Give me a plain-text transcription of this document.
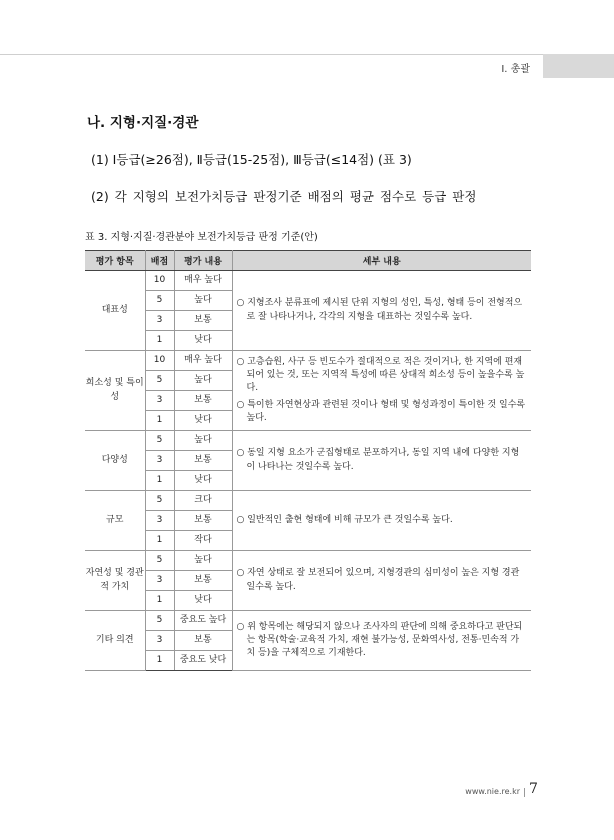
Ⅰ. 총괄
나. 지형·지질·경관
(1) Ⅰ등급(≥26점), Ⅱ등급(15-25점), Ⅲ등급(≤14점) (표 3)
(2) 각 지형의 보전가치등급 판정기준 배점의 평균 점수로 등급 판정
표 3. 지형·지질·경관분야 보전가치등급 판정 기준(안)
평가 항목	배점	평가 내용	세부 내용
대표성	10	매우 높다	○ 지형조사 분류표에 제시된 단위 지형의 성인, 특성, 형태 등이 전형적으로 잘 나타나거나, 각각의 지형을 대표하는 것일수록 높다.

	5	높다	
	3	보통	
	1	낮다	
희소성 및 특이성	10	매우 높다	○ 고층습원, 사구 등 빈도수가 절대적으로 적은 것이거나, 한 지역에 편재되어 있는 것, 또는 지역적 특성에 따른 상대적 희소성 등이 높을수록 높다.

○ 특이한 자연현상과 관련된 것이나 형태 및 형성과정이 특이한 것 일수록 높다.

	5	높다	
	3	보통	
	1	낮다	
다양성	5	높다	○ 동일 지형 요소가 군집형태로 분포하거나, 동일 지역 내에 다양한 지형이 나타나는 것일수록 높다.

	3	보통	
	1	낮다	
규모	5	크다	○ 일반적인 출현 형태에 비해 규모가 큰 것일수록 높다.

	3	보통	
	1	작다	
자연성 및 경관적 가치	5	높다	○ 자연 상태로 잘 보전되어 있으며, 지형경관의 심미성이 높은 지형 경관일수록 높다.

	3	보통	
	1	낮다	
기타 의견	5	중요도 높다	○ 위 항목에는 해당되지 않으나 조사자의 판단에 의해 중요하다고 판단되는 항목(학술·교육적 가치, 재현 불가능성, 문화역사성, 전통·민속적 가치 등)을 구체적으로 기재한다.

	3	보통	
	1	중요도 낮다	
www.nie.re.kr 7
